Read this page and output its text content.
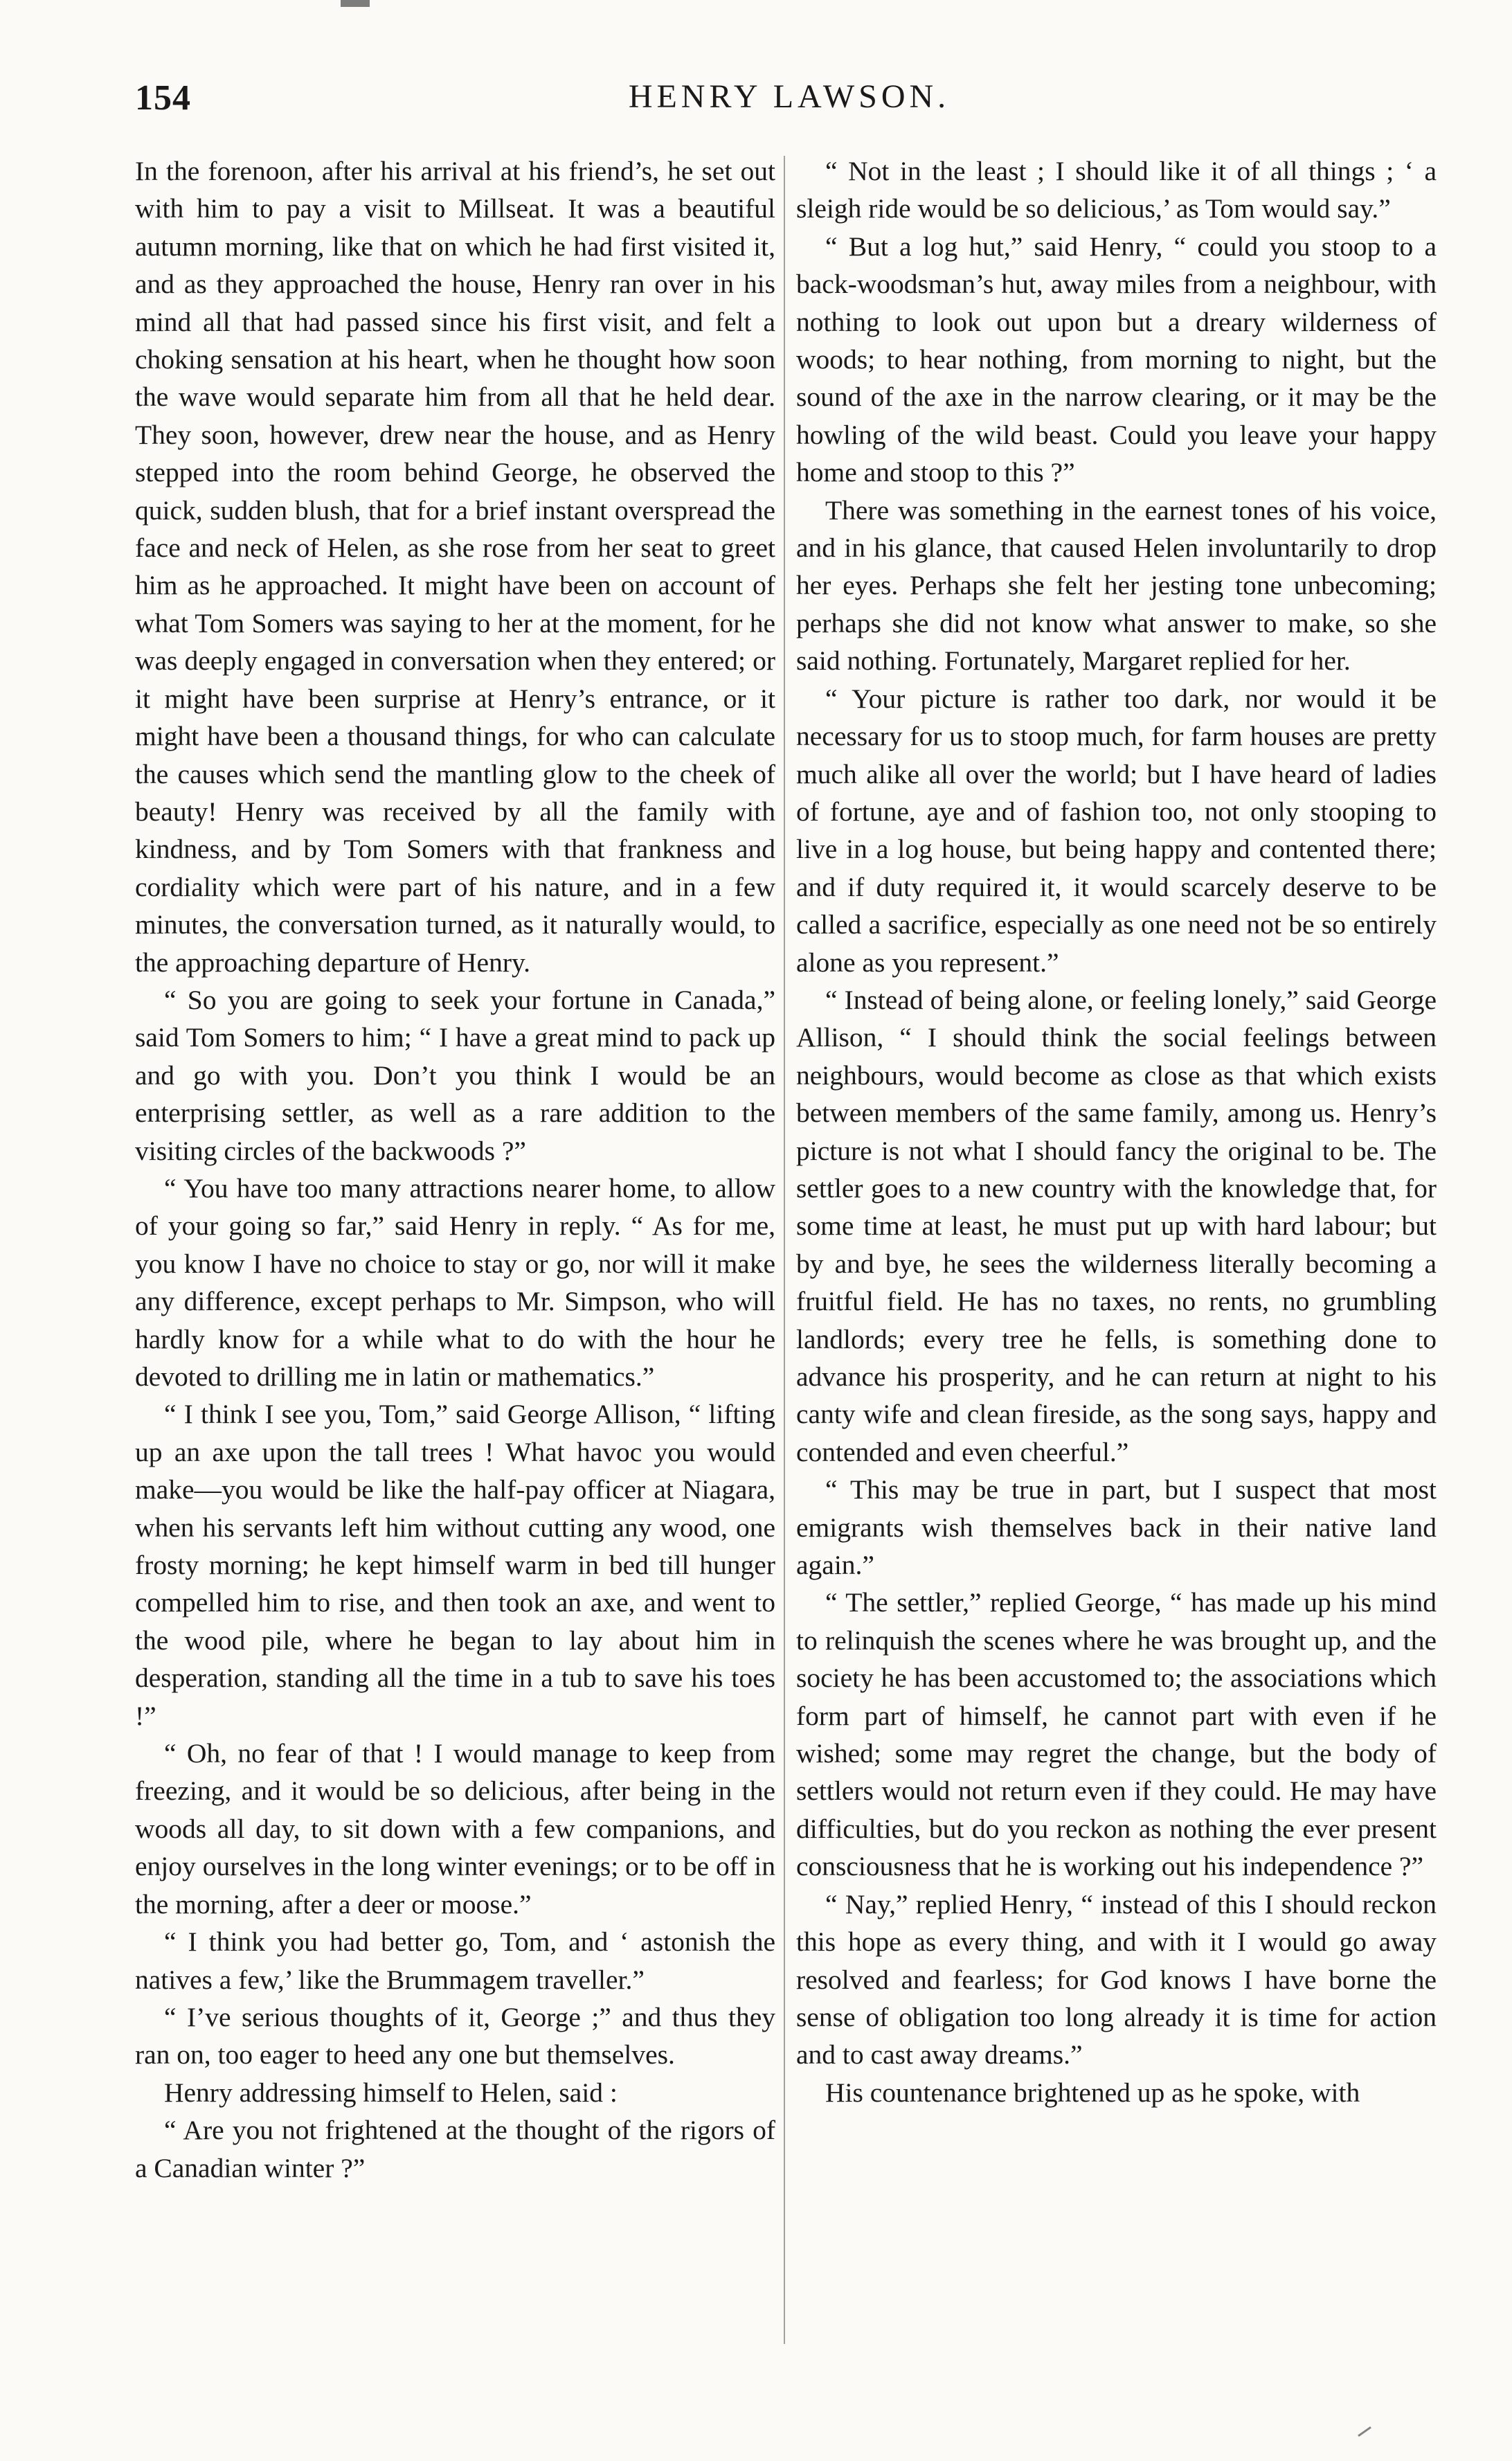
154	HENRY LAWSON.

In the forenoon, after his arrival at his friend’s, he set out with him to pay a visit to Millseat. It was a beautiful autumn morning, like that on which he had first visited it, and as they approached the house, Henry ran over in his mind all that had passed since his first visit, and felt a choking sensation at his heart, when he thought how soon the wave would separate him from all that he held dear. They soon, however, drew near the house, and as Henry stepped into the room behind George, he observed the quick, sudden blush, that for a brief instant overspread the face and neck of Helen, as she rose from her seat to greet him as he approached. It might have been on account of what Tom Somers was saying to her at the moment, for he was deeply engaged in conversation when they entered; or it might have been surprise at Henry’s entrance, or it might have been a thousand things, for who can calculate the causes which send the mantling glow to the cheek of beauty! Henry was received by all the family with kindness, and by Tom Somers with that frankness and cordiality which were part of his nature, and in a few minutes, the conversation turned, as it naturally would, to the approaching departure of Henry.

“ So you are going to seek your fortune in Canada,” said Tom Somers to him; “ I have a great mind to pack up and go with you. Don’t you think I would be an enterprising settler, as well as a rare addition to the visiting circles of the backwoods ?”

“ You have too many attractions nearer home, to allow of your going so far,” said Henry in reply. “ As for me, you know I have no choice to stay or go, nor will it make any difference, except perhaps to Mr. Simpson, who will hardly know for a while what to do with the hour he devoted to drilling me in latin or mathematics.”

“ I think I see you, Tom,” said George Allison, “ lifting up an axe upon the tall trees ! What havoc you would make—you would be like the half-pay officer at Niagara, when his servants left him without cutting any wood, one frosty morning; he kept himself warm in bed till hunger compelled him to rise, and then took an axe, and went to the wood pile, where he began to lay about him in desperation, standing all the time in a tub to save his toes !”

“ Oh, no fear of that ! I would manage to keep from freezing, and it would be so delicious, after being in the woods all day, to sit down with a few companions, and enjoy ourselves in the long winter evenings; or to be off in the morning, after a deer or moose.”

“ I think you had better go, Tom, and ‘ astonish the natives a few,’ like the Brummagem traveller.”

“ I’ve serious thoughts of it, George ;” and thus they ran on, too eager to heed any one but themselves.

Henry addressing himself to Helen, said :

“ Are you not frightened at the thought of the rigors of a Canadian winter ?”

“ Not in the least ; I should like it of all things ; ‘ a sleigh ride would be so delicious,’ as Tom would say.”

“ But a log hut,” said Henry, “ could you stoop to a back-woodsman’s hut, away miles from a neighbour, with nothing to look out upon but a dreary wilderness of woods; to hear nothing, from morning to night, but the sound of the axe in the narrow clearing, or it may be the howling of the wild beast. Could you leave your happy home and stoop to this ?”

There was something in the earnest tones of his voice, and in his glance, that caused Helen involuntarily to drop her eyes. Perhaps she felt her jesting tone unbecoming; perhaps she did not know what answer to make, so she said nothing. Fortunately, Margaret replied for her.

“ Your picture is rather too dark, nor would it be necessary for us to stoop much, for farm houses are pretty much alike all over the world; but I have heard of ladies of fortune, aye and of fashion too, not only stooping to live in a log house, but being happy and contented there; and if duty required it, it would scarcely deserve to be called a sacrifice, especially as one need not be so entirely alone as you represent.”

“ Instead of being alone, or feeling lonely,” said George Allison, “ I should think the social feelings between neighbours, would become as close as that which exists between members of the same family, among us. Henry’s picture is not what I should fancy the original to be. The settler goes to a new country with the knowledge that, for some time at least, he must put up with hard labour; but by and bye, he sees the wilderness literally becoming a fruitful field. He has no taxes, no rents, no grumbling landlords; every tree he fells, is something done to advance his prosperity, and he can return at night to his canty wife and clean fireside, as the song says, happy and contended and even cheerful.”

“ This may be true in part, but I suspect that most emigrants wish themselves back in their native land again.”

“ The settler,” replied George, “ has made up his mind to relinquish the scenes where he was brought up, and the society he has been accustomed to; the associations which form part of himself, he cannot part with even if he wished; some may regret the change, but the body of settlers would not return even if they could. He may have difficulties, but do you reckon as nothing the ever present consciousness that he is working out his independence ?”

“ Nay,” replied Henry, “ instead of this I should reckon this hope as every thing, and with it I would go away resolved and fearless; for God knows I have borne the sense of obligation too long already it is time for action and to cast away dreams.”

His countenance brightened up as he spoke, with
